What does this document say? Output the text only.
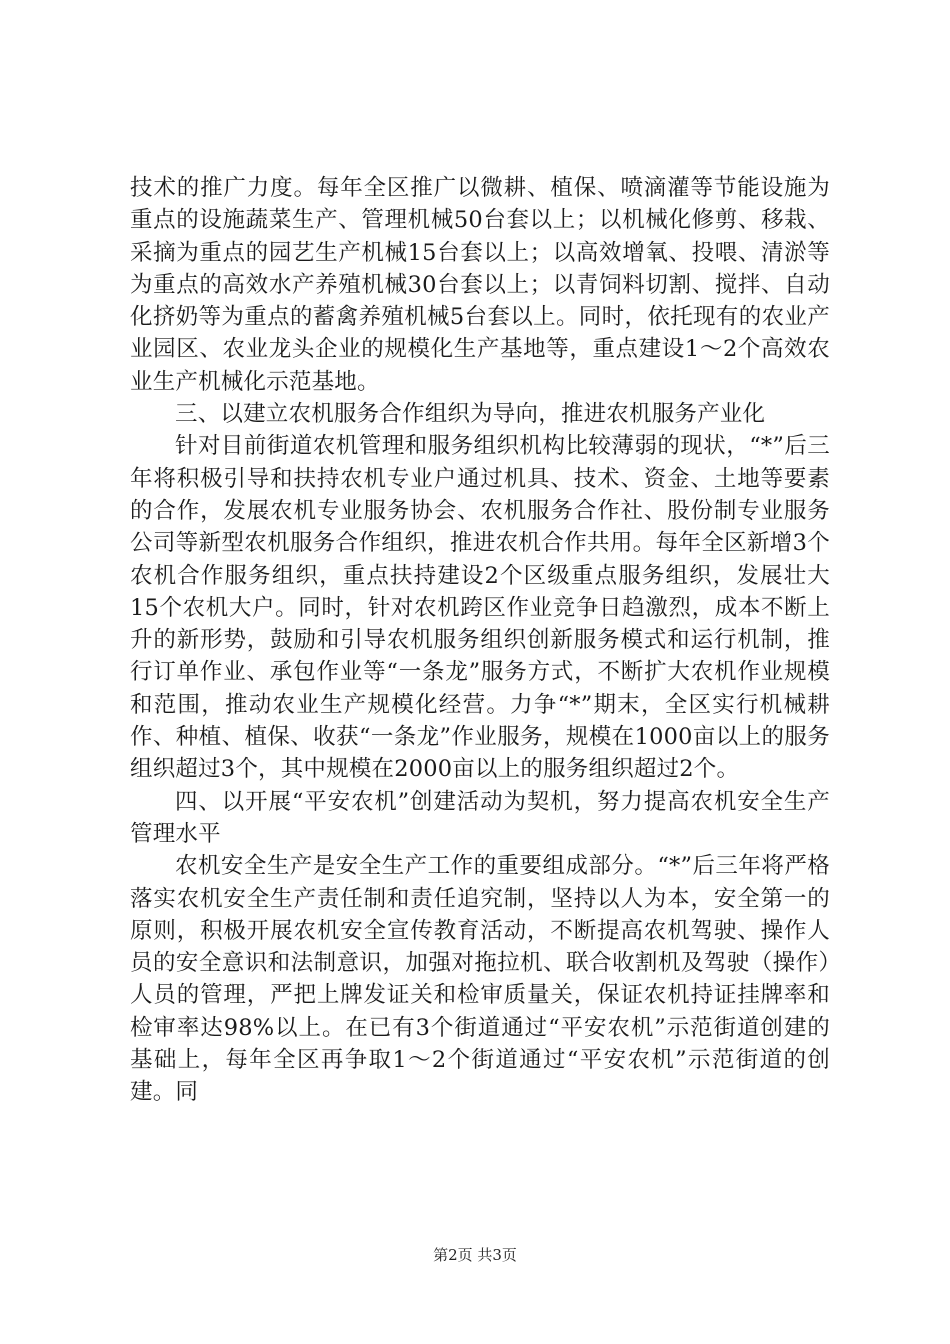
技术的推广力度。每年全区推广以微耕、植保、喷滴灌等节能设施为重点的设施蔬菜生产、管理机械50台套以上；以机械化修剪、移栽、采摘为重点的园艺生产机械15台套以上；以高效增氧、投喂、清淤等为重点的高效水产养殖机械30台套以上；以青饲料切割、搅拌、自动化挤奶等为重点的蓄禽养殖机械5台套以上。同时，依托现有的农业产业园区、农业龙头企业的规模化生产基地等，重点建设1～2个高效农业生产机械化示范基地。

三、以建立农机服务合作组织为导向，推进农机服务产业化

针对目前街道农机管理和服务组织机构比较薄弱的现状，“*”后三年将积极引导和扶持农机专业户通过机具、技术、资金、土地等要素的合作，发展农机专业服务协会、农机服务合作社、股份制专业服务公司等新型农机服务合作组织，推进农机合作共用。每年全区新增3个农机合作服务组织，重点扶持建设2个区级重点服务组织，发展壮大15个农机大户。同时，针对农机跨区作业竞争日趋激烈，成本不断上升的新形势，鼓励和引导农机服务组织创新服务模式和运行机制，推行订单作业、承包作业等“一条龙”服务方式，不断扩大农机作业规模和范围，推动农业生产规模化经营。力争“*”期末，全区实行机械耕作、种植、植保、收获“一条龙”作业服务，规模在1000亩以上的服务组织超过3个，其中规模在2000亩以上的服务组织超过2个。

四、以开展“平安农机”创建活动为契机，努力提高农机安全生产管理水平

农机安全生产是安全生产工作的重要组成部分。“*”后三年将严格落实农机安全生产责任制和责任追究制，坚持以人为本，安全第一的原则，积极开展农机安全宣传教育活动，不断提高农机驾驶、操作人员的安全意识和法制意识，加强对拖拉机、联合收割机及驾驶（操作）人员的管理，严把上牌发证关和检审质量关，保证农机持证挂牌率和检审率达98%以上。在已有3个街道通过“平安农机”示范街道创建的基础上，每年全区再争取1～2个街道通过“平安农机”示范街道的创建。同

第2页 共3页
